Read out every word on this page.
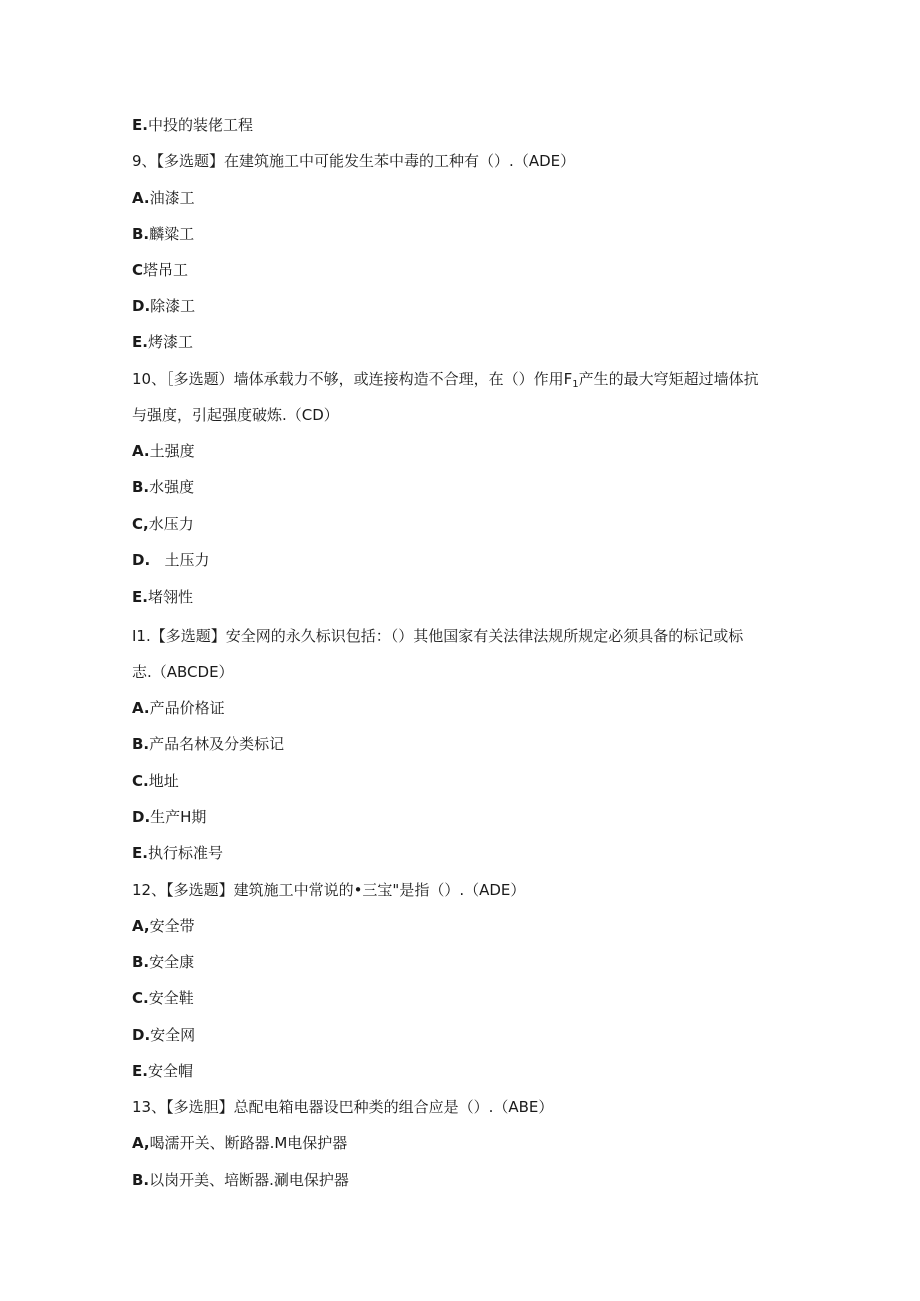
E.中投的装佬工程
9、【多选题】在建筑施工中可能发生苯中毒的工种有（）.（ADE）
A.油漆工
B.麟粱工
C塔吊工
D.除漆工
E.烤漆工
10、［多选题）墙体承载力不够，或连接构造不合理，在（）作用$F_1$产生的最大穹矩超过墙体抗
与强度，引起强度破炼.（CD）
A.土强度
B.水强度
C,水压力
D.   土压力
E.堵翎性
I1.【多选题】安全网的永久标识包括：（）其他国家有关法律法规所规定必须具备的标记或标
志.（ABCDE）
A.产品价格证
B.产品名林及分类标记
C.地址
D.生产H期
E.执行标准号
12、【多选题】建筑施工中常说的•三宝"是指（）.（ADE）
A,安全带
B.安全康
C.安全鞋
D.安全网
E.安全帽
13、【多选胆】总配电箱电器设巴种类的组合应是（）.（ABE）
A,喝濡开关、断路器.M电保护器
B.以岗开美、培断器.涮电保护器
